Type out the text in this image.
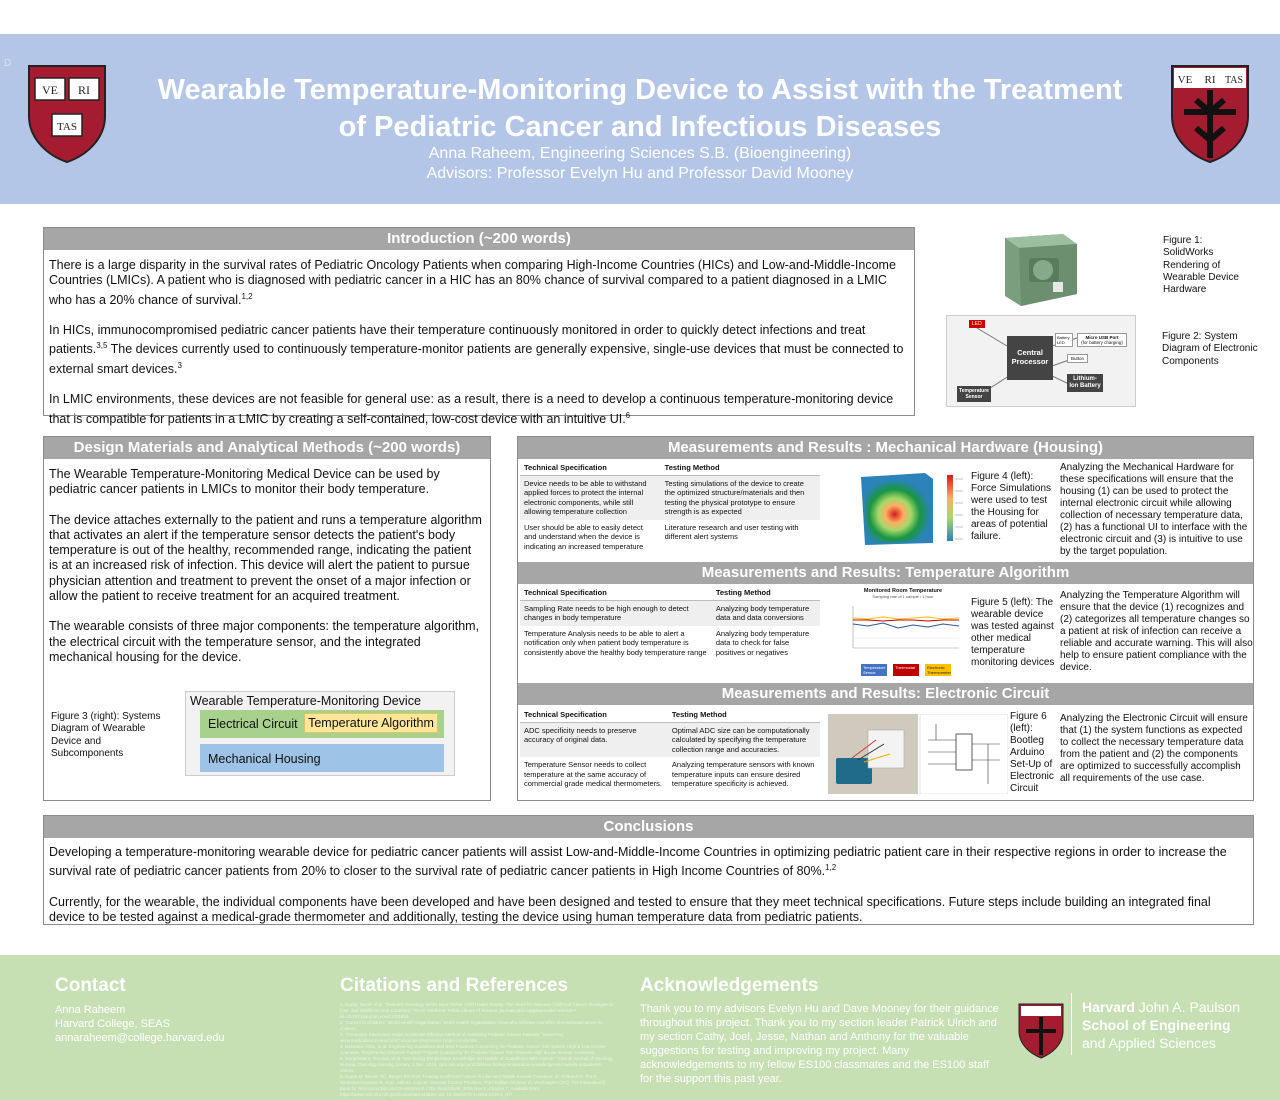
D
VE RI
TAS
Wearable Temperature-Monitoring Device to Assist with the Treatment
of Pediatric Cancer and Infectious Diseases
Anna Raheem, Engineering Sciences S.B. (Bioengineering)
Advisors: Professor Evelyn Hu and Professor David Mooney
VE RI TAS
Introduction (~200 words)

There is a large disparity in the survival rates of Pediatric Oncology Patients when comparing High-Income Countries (HICs) and Low-and-Middle-Income Countries (LMICs). A patient who is diagnosed with pediatric cancer in a HIC has an 80% chance of survival compared to a patient diagnosed in a LMIC who has a 20% chance of survival.$^{1,2}$

In HICs, immunocompromised pediatric cancer patients have their temperature continuously monitored in order to quickly detect infections and treat patients.$^{3,5}$ The devices currently used to continuously temperature-monitor patients are generally expensive, single-use devices that must be connected to external smart devices.$^3$

In LMIC environments, these devices are not feasible for general use: as a result, there is a need to develop a continuous temperature-monitoring device that is compatible for patients in a LMIC by creating a self-contained, low-cost device with an intuitive UI.$^6$

Figure 1: SolidWorks Rendering of Wearable Device Hardware
LED
Central Processor
Battery LED
Micro USB Port
(for battery charging)
Button
Lithium-Ion Battery
Temperature Sensor
Figure 2: System Diagram of Electronic Components
Design Materials and Analytical Methods (~200 words)

The Wearable Temperature-Monitoring Medical Device can be used by pediatric cancer patients in LMICs to monitor their body temperature.

The device attaches externally to the patient and runs a temperature algorithm that activates an alert if the temperature sensor detects the patient's body temperature is out of the healthy, recommended range, indicating the patient is at an increased risk of infection. This device will alert the patient to pursue physician attention and treatment to prevent the onset of a major infection or allow the patient to receive treatment for an acquired treatment.

The wearable consists of three major components: the temperature algorithm, the electrical circuit with the temperature sensor, and the integrated mechanical housing for the device.

Figure 3 (right): Systems Diagram of Wearable Device and Subcomponents
Wearable Temperature-Monitoring Device
Electrical Circuit Temperature Algorithm
Mechanical Housing
Measurements and Results : Mechanical Hardware (Housing)
Technical Specification	Testing Method
Device needs to be able to withstand applied forces to protect the internal electronic components, while still allowing temperature collection	Testing simulations of the device to create the optimized structure/materials and then testing the physical prototype to ensure strength is as expected
User should be able to easily detect and understand when the device is indicating an increased temperature	Literature research and user testing with different alert systems
Figure 4 (left): Force Simulations were used to test the Housing for areas of potential failure.
Analyzing the Mechanical Hardware for these specifications will ensure that the housing (1) can be used to protect the internal electronic circuit while allowing collection of necessary temperature data, (2) has a functional UI to interface with the electronic circuit and (3) is intuitive to use by the target population.
Measurements and Results: Temperature Algorithm
Technical Specification	Testing Method
Sampling Rate needs to be high enough to detect changes in body temperature	Analyzing body temperature data and data conversions
Temperature Analysis needs to be able to alert a notification only when patient body temperature is consistently above the healthy body temperature range	Analyzing body temperature data to check for false positives or negatives
Monitored Room Temperature
Sampling rate of 1 sample / 1 hour
Temperature Sensor
Thermostat	Electronic Thermometer
Figure 5 (left): The wearable device was tested against other medical temperature monitoring devices
Analyzing the Temperature Algorithm will ensure that the device (1) recognizes and (2) categorizes all temperature changes so a patient at risk of infection can receive a reliable and accurate warning. This will also help to ensure patient compliance with the device.
Measurements and Results: Electronic Circuit
Technical Specification	Testing Method
ADC specificity needs to preserve accuracy of original data.	Optimal ADC size can be computationally calculated by specifying the temperature collection range and accuracies.
Temperature Sensor needs to collect temperature at the same accuracy of commercial grade medical thermometers.	Analyzing temperature sensors with known temperature inputs can ensure desired temperature specificity is achieved.
Figure 6 (left): Bootleg Arduino Set-Up of Electronic Circuit
Analyzing the Electronic Circuit will ensure that (1) the system functions as expected to collect the necessary temperature data from the patient and (2) the components are optimized to successfully accomplish all requirements of the use case.
Conclusions

Developing a temperature-monitoring wearable device for pediatric cancer patients will assist Low-and-Middle-Income Countries in optimizing pediatric patient care in their respective regions in order to increase the survival rate of pediatric cancer patients from 20% to closer to the survival rate of pediatric cancer patients in High Income Countries of 80%.$^{1,2}$

Currently, for the wearable, the individual components have been developed and have been designed and tested to ensure that they meet technical specifications. Future steps include building an integrated final device to be tested against a medical-grade thermometer and additionally, testing the device using human temperature data from pediatric patients.

Contact
Anna Raheem
Harvard College, SEAS
annaraheem@college.harvard.edu
Citations and References
1. Gupta, Sumit, et al. "Pediatric Oncology as the Next Global Child Health Priority: The Need for National Childhood Cancer Strategies in Low- and Middle-Income Countries." PLOS Medicine, Public Library of Science, journals.plos.org/plosmedicine/article?id=10.1371/journal.pmed.1001656.
2. "Cancer in Children." World Health Organization, World Health Organization, www.who.int/news-room/fact-sheets/detail/cancer-in-children.
3. "Consumer Electronics Helps Accelerate Effective Method of Assessing Pediatric Cancer Patients." NewsTrax, www.medicaltextreview.com/Consumer-Electronics-Helps-Accelerate.
4. Nakaoka, Ariko, et al. Engineering Guidelines and Best Practices Concerning the Pediatric Cancer Sub-Sahara High & Low Income Countries, Engineering Sciences Portrait Projects (Catalyzing the Pediatric Cancer Sub-Saharan High & Low Income Countries).
5. Morgenstern, Thomas, et al. "Monitoring Temperature Knowledge and Beliefs of Outpatients With Cancer." Clinical Journal of Oncology Nursing, Oncology Nursing Society, 1 Dec. 2019, cjon.ons.org/cjon/23/6/monitoring-temperature-knowledge-and-beliefs-outpatients-cancer.
6. Gupta M, Wewer SC, Berger BP, et al. Treating Confirmed Cancer in Low- and Middle-Income Countries. In: Gelband H, Jha P, Sankaranarayanan R, et al., editors. Cancer: Disease Control Priorities, Third Edition (Volume 3). Washington (DC): The International Bank for Reconstruction and Development / The World Bank; 2015 Nov 1. Chapter 7. Available from: https://www.ncbi.nlm.nih.gov/books/NBK343626/ doi: 10.1596/978-1-4648-0349-9_ch7
Acknowledgements
Thank you to my advisors Evelyn Hu and Dave Mooney for their guidance throughout this project. Thank you to my section leader Patrick Ulrich and my section Cathy, Joel, Jesse, Nathan and Anthony for the valuable suggestions for testing and improving my project. Many acknowledgements to my fellow ES100 classmates and the ES100 staff for the support this past year.
Harvard John A. Paulson
School of Engineering
and Applied Sciences
